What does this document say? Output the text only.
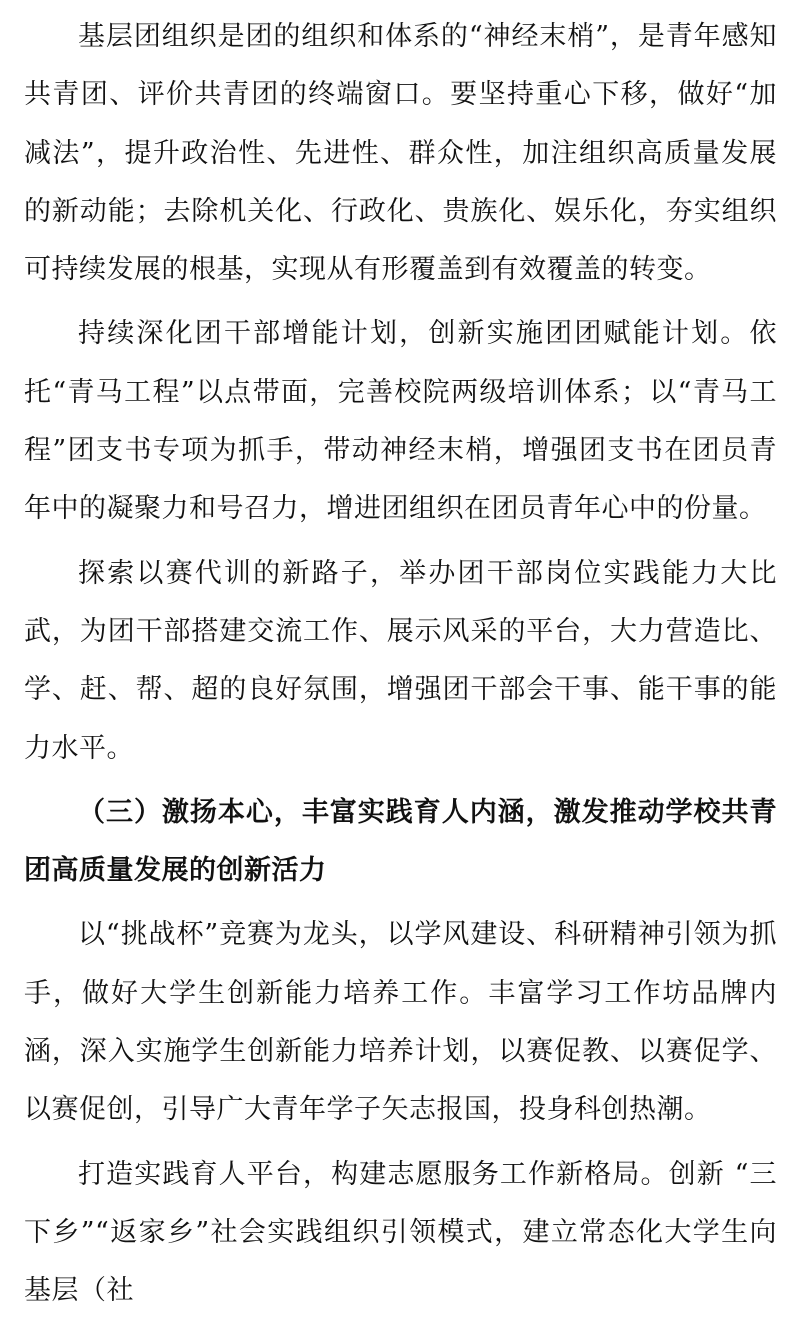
基层团组织是团的组织和体系的“神经末梢”，是青年感知共青团、评价共青团的终端窗口。要坚持重心下移，做好“加减法”，提升政治性、先进性、群众性，加注组织高质量发展的新动能；去除机关化、行政化、贵族化、娱乐化，夯实组织可持续发展的根基，实现从有形覆盖到有效覆盖的转变。

持续深化团干部增能计划，创新实施团团赋能计划。依托“青马工程”以点带面，完善校院两级培训体系；以“青马工程”团支书专项为抓手，带动神经末梢，增强团支书在团员青年中的凝聚力和号召力，增进团组织在团员青年心中的份量。

探索以赛代训的新路子，举办团干部岗位实践能力大比武，为团干部搭建交流工作、展示风采的平台，大力营造比、学、赶、帮、超的良好氛围，增强团干部会干事、能干事的能力水平。

（三）激扬本心，丰富实践育人内涵，激发推动学校共青团高质量发展的创新活力

以“挑战杯”竞赛为龙头，以学风建设、科研精神引领为抓手，做好大学生创新能力培养工作。丰富学习工作坊品牌内涵，深入实施学生创新能力培养计划，以赛促教、以赛促学、以赛促创，引导广大青年学子矢志报国，投身科创热潮。

打造实践育人平台，构建志愿服务工作新格局。创新 “三下乡”“返家乡”社会实践组织引领模式，建立常态化大学生向基层（社
